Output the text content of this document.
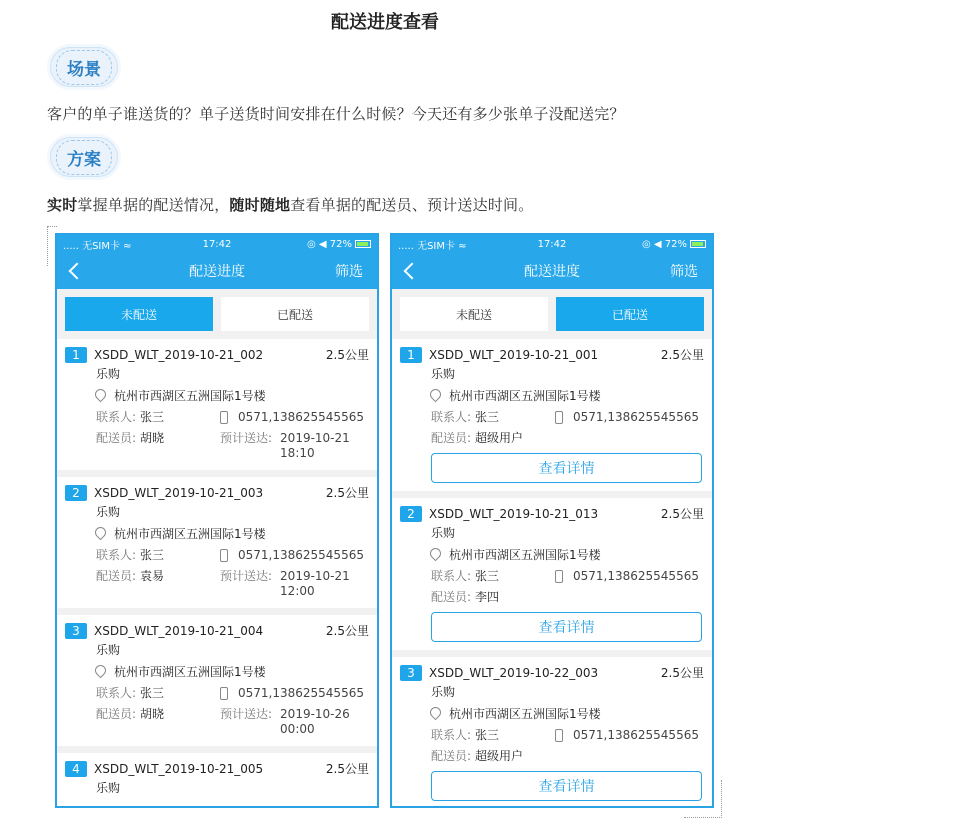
配送进度查看
场景
客户的单子谁送货的？单子送货时间安排在什么时候？今天还有多少张单子没配送完？
方案
实时掌握单据的配送情况，随时随地查看单据的配送员、预计送达时间。
..... 无SIM卡 ≈	17:42	◎ ◀ 72%
配送进度	筛选
未配送	已配送
1	XSDD_WLT_2019-10-21_002	2.5公里
乐购
杭州市西湖区五洲国际1号楼
联系人: 张三	0571,138625545565
配送员: 胡晓	预计送达: 2019-10-21
18:10
2	XSDD_WLT_2019-10-21_003	2.5公里
乐购
杭州市西湖区五洲国际1号楼
联系人: 张三	0571,138625545565
配送员: 袁易	预计送达: 2019-10-21
12:00
3	XSDD_WLT_2019-10-21_004	2.5公里
乐购
杭州市西湖区五洲国际1号楼
联系人: 张三	0571,138625545565
配送员: 胡晓	预计送达: 2019-10-26
00:00
4	XSDD_WLT_2019-10-21_005	2.5公里
乐购
..... 无SIM卡 ≈	17:42	◎ ◀ 72%
配送进度	筛选
未配送	已配送
1	XSDD_WLT_2019-10-21_001	2.5公里
乐购
杭州市西湖区五洲国际1号楼
联系人: 张三	0571,138625545565
配送员: 超级用户
查看详情
2	XSDD_WLT_2019-10-21_013	2.5公里
乐购
杭州市西湖区五洲国际1号楼
联系人: 张三	0571,138625545565
配送员: 李四
查看详情
3	XSDD_WLT_2019-10-22_003	2.5公里
乐购
杭州市西湖区五洲国际1号楼
联系人: 张三	0571,138625545565
配送员: 超级用户
查看详情
